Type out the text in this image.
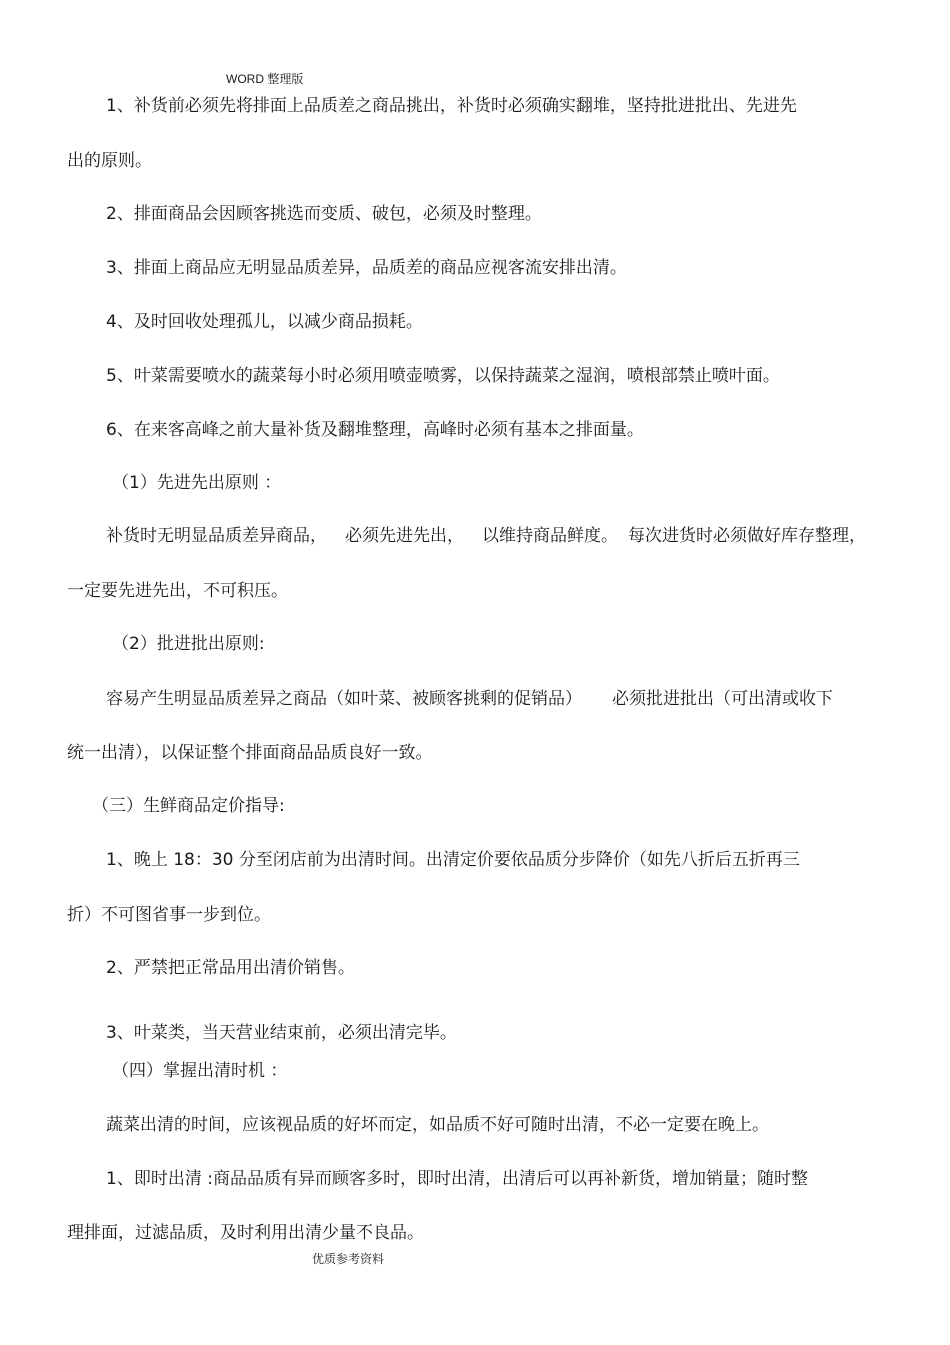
WORD 整理版
1、补货前必须先将排面上品质差之商品挑出，补货时必须确实翻堆，坚持批进批出、先进先
出的原则。
2、排面商品会因顾客挑选而变质、破包，必须及时整理。
3、排面上商品应无明显品质差异，品质差的商品应视客流安排出清。
4、及时回收处理孤儿，以减少商品损耗。
5、叶菜需要喷水的蔬菜每小时必须用喷壶喷雾，以保持蔬菜之湿润，喷根部禁止喷叶面。
6、在来客高峰之前大量补货及翻堆整理，高峰时必须有基本之排面量。
（1）先进先出原则 ：
补货时无明显品质差异商品， 必须先进先出， 以维持商品鲜度。 每次进货时必须做好库存整理，
一定要先进先出，不可积压。
（2）批进批出原则:
容易产生明显品质差异之商品（如叶菜、被顾客挑剩的促销品） 必须批进批出（可出清或收下
统一出清），以保证整个排面商品品质良好一致。
（三）生鲜商品定价指导:
1、晚上 18：30 分至闭店前为出清时间。出清定价要依品质分步降价（如先八折后五折再三
折）不可图省事一步到位。
2、严禁把正常品用出清价销售。
3、叶菜类，当天营业结束前，必须出清完毕。
（四）掌握出清时机 ：
蔬菜出清的时间，应该视品质的好坏而定，如品质不好可随时出清，不必一定要在晚上。
1、即时出清 :商品品质有异而顾客多时，即时出清，出清后可以再补新货，增加销量；随时整
理排面，过滤品质，及时利用出清少量不良品。
优质参考资料
